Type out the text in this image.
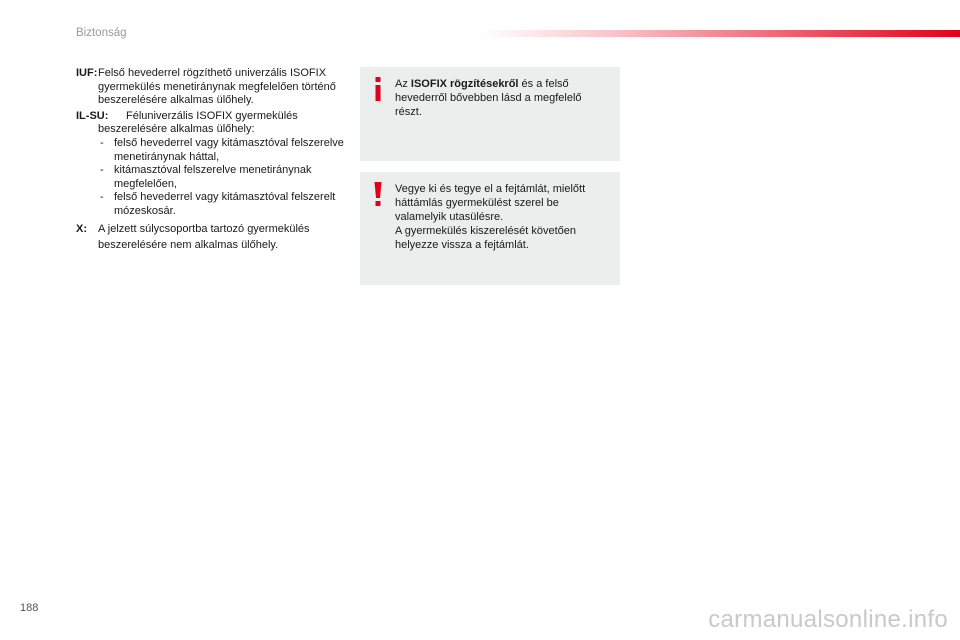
Biztonság
IUF: Felső hevederrel rögzíthető univerzális ISOFIX gyermekülés menetiránynak megfelelően történő beszerelésére alkalmas ülőhely.
IL-SU:	Féluniverzális ISOFIX gyermekülés
beszerelésére alkalmas ülőhely:
- felső hevederrel vagy kitámasztóval felszerelve menetiránynak háttal,
- kitámasztóval felszerelve menetiránynak megfelelően,
- felső hevederrel vagy kitámasztóval felszerelt mózeskosár.
X:	A jelzett súlycsoportba tartozó gyermekülés beszerelésére nem alkalmas ülőhely.
Az ISOFIX rögzítésekről és a felső hevederről bővebben lásd a megfelelő részt.
Vegye ki és tegye el a fejtámlát, mielőtt háttámlás gyermekülést szerel be valamelyik utasülésre.
A gyermekülés kiszerelését követően helyezze vissza a fejtámlát.
188	carmanualsonline.info
